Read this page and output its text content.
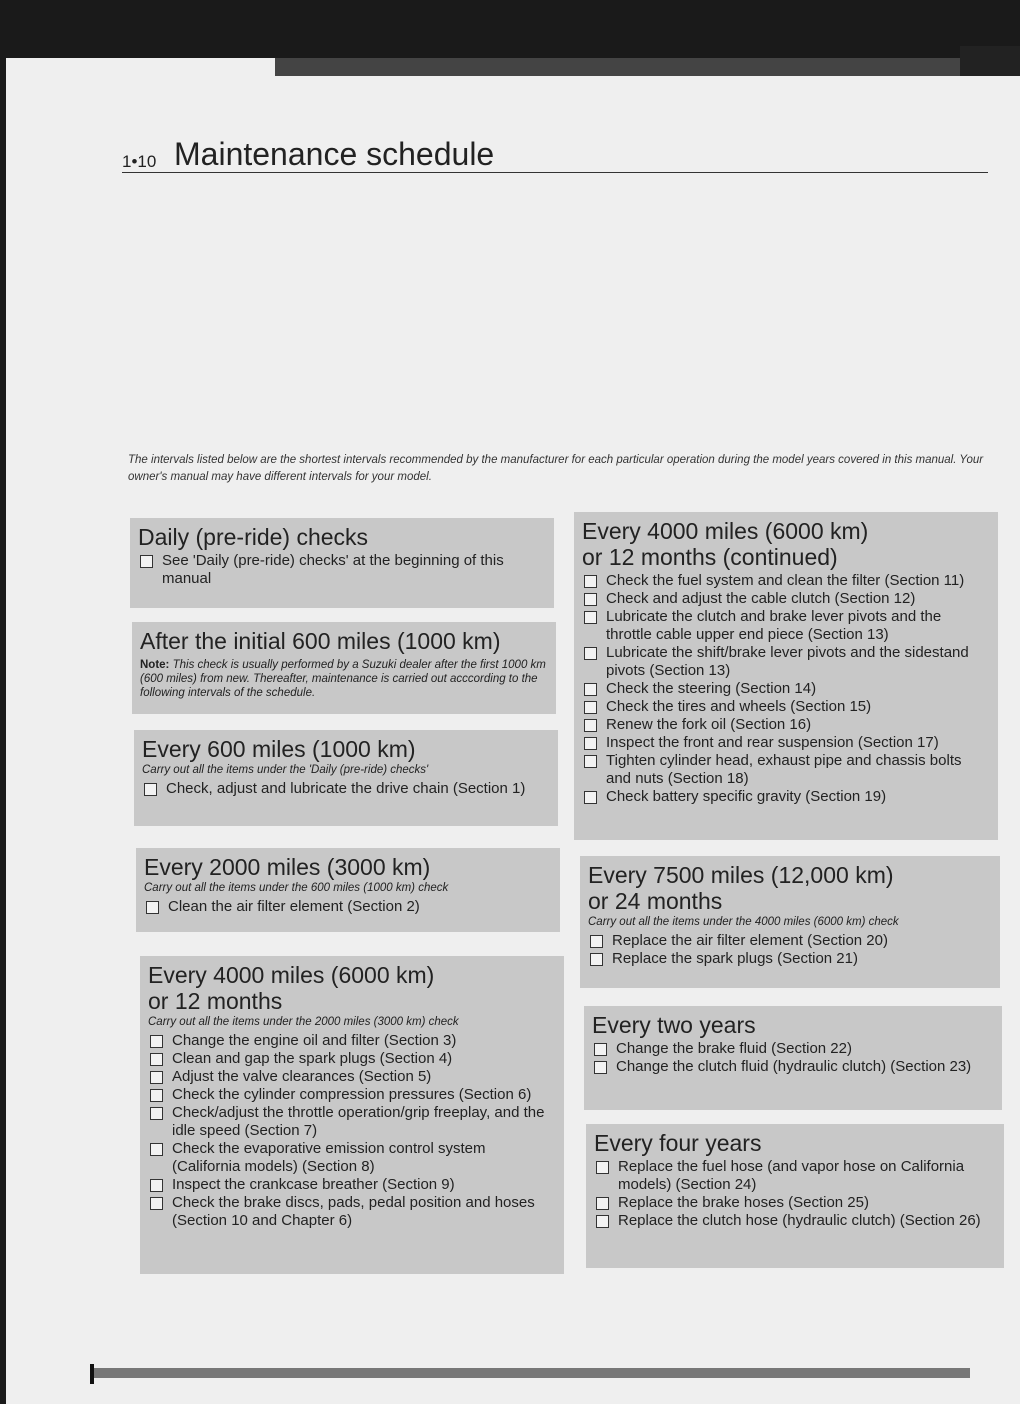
1•10 Maintenance schedule
The intervals listed below are the shortest intervals recommended by the manufacturer for each particular operation during the model years covered in this manual. Your owner's manual may have different intervals for your model.
Daily (pre-ride) checks
See 'Daily (pre-ride) checks' at the beginning of this manual
After the initial 600 miles (1000 km)
Note: This check is usually performed by a Suzuki dealer after the first 1000 km (600 miles) from new. Thereafter, maintenance is carried out acccording to the following intervals of the schedule.
Every 600 miles (1000 km)
Carry out all the items under the 'Daily (pre-ride) checks'
Check, adjust and lubricate the drive chain (Section 1)
Every 2000 miles (3000 km)
Carry out all the items under the 600 miles (1000 km) check
Clean the air filter element (Section 2)
Every 4000 miles (6000 km)
or 12 months
Carry out all the items under the 2000 miles (3000 km) check
Change the engine oil and filter (Section 3)
Clean and gap the spark plugs (Section 4)
Adjust the valve clearances (Section 5)
Check the cylinder compression pressures (Section 6)
Check/adjust the throttle operation/grip freeplay, and the idle speed (Section 7)
Check the evaporative emission control system (California models) (Section 8)
Inspect the crankcase breather (Section 9)
Check the brake discs, pads, pedal position and hoses (Section 10 and Chapter 6)
Every 4000 miles (6000 km)
or 12 months (continued)
Check the fuel system and clean the filter (Section 11)
Check and adjust the cable clutch (Section 12)
Lubricate the clutch and brake lever pivots and the throttle cable upper end piece (Section 13)
Lubricate the shift/brake lever pivots and the sidestand pivots (Section 13)
Check the steering (Section 14)
Check the tires and wheels (Section 15)
Renew the fork oil (Section 16)
Inspect the front and rear suspension (Section 17)
Tighten cylinder head, exhaust pipe and chassis bolts and nuts (Section 18)
Check battery specific gravity (Section 19)
Every 7500 miles (12,000 km)
or 24 months
Carry out all the items under the 4000 miles (6000 km) check
Replace the air filter element (Section 20)
Replace the spark plugs (Section 21)
Every two years
Change the brake fluid (Section 22)
Change the clutch fluid (hydraulic clutch) (Section 23)
Every four years
Replace the fuel hose (and vapor hose on California models) (Section 24)
Replace the brake hoses (Section 25)
Replace the clutch hose (hydraulic clutch) (Section 26)
